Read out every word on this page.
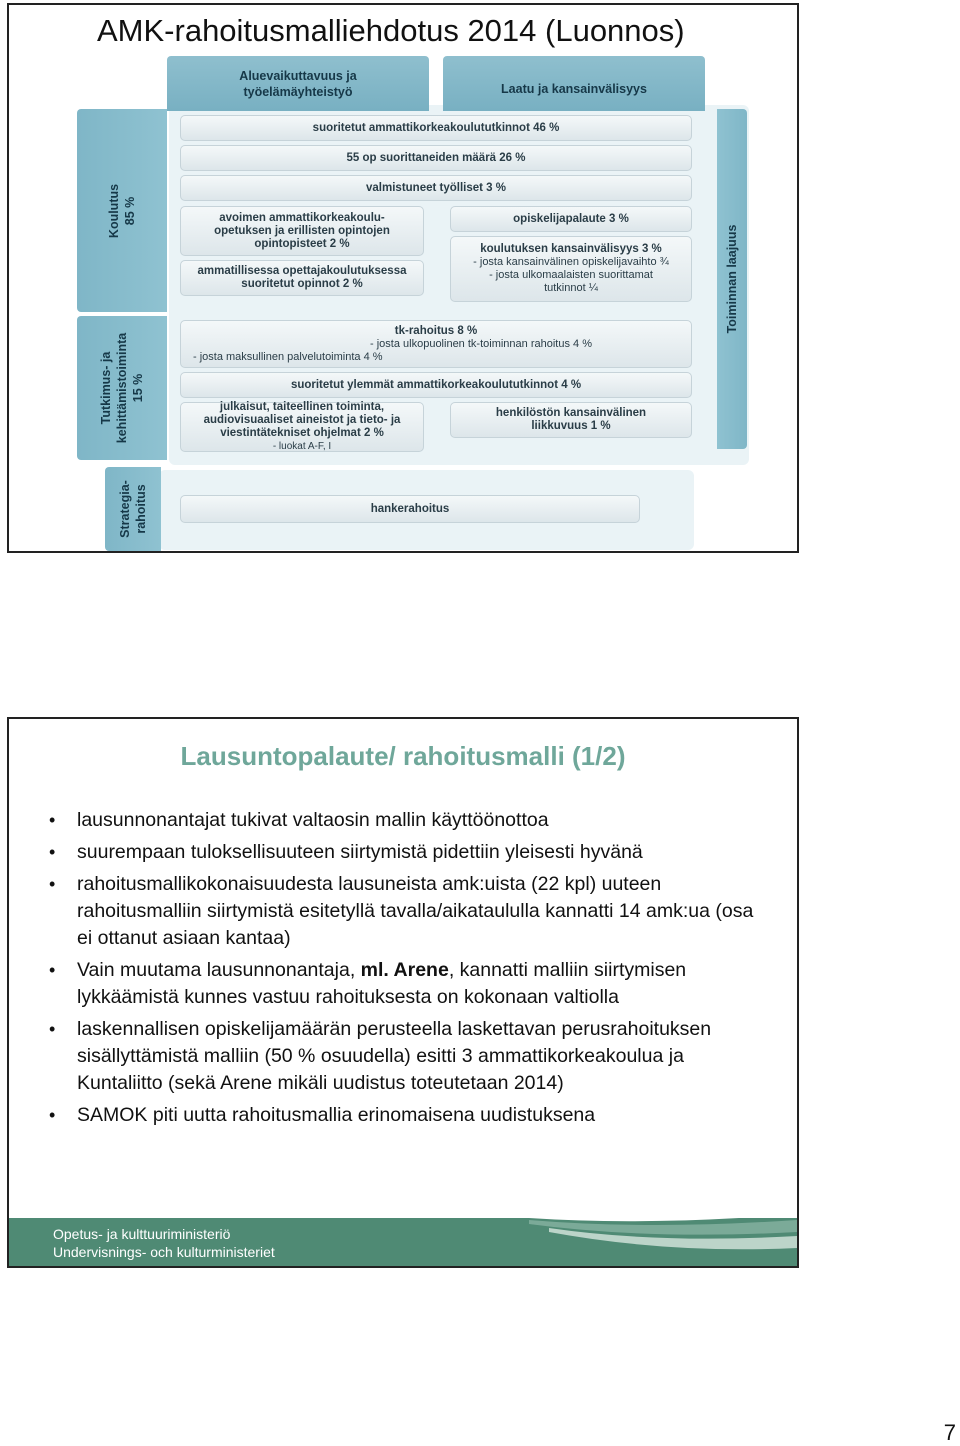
AMK-rahoitusmalliehdotus 2014 (Luonnos)
Aluevaikuttavuus ja
työelämäyhteistyö	Laatu ja kansainvälisyys
Koulutus 85 %
Tutkimus- ja kehittämistoiminta 15 %
Strategia- rahoitus
Toiminnan laajuus
suoritetut ammattikorkeakoulututkinnot 46 %
55 op suorittaneiden määrä 26 %
valmistuneet työlliset 3 %
avoimen ammattikorkeakoulu-
opetuksen ja erillisten opintojen
opintopisteet 2 %
opiskelijapalaute 3 %
ammatillisessa opettajakoulutuksessa
suoritetut opinnot 2 %
koulutuksen kansainvälisyys 3 %
- josta kansainvälinen opiskelijavaihto ¾
- josta ulkomaalaisten suorittamat
tutkinnot ¼
tk-rahoitus 8 %
- josta ulkopuolinen tk-toiminnan rahoitus 4 %
- josta maksullinen palvelutoiminta 4 %
suoritetut ylemmät ammattikorkeakoulututkinnot 4 %
julkaisut, taiteellinen toiminta,
audiovisuaaliset aineistot ja tieto- ja
viestintätekniset ohjelmat 2 %
- luokat A-F, I
henkilöstön kansainvälinen
liikkuvuus 1 %
hankerahoitus
Lausuntopalaute/ rahoitusmalli (1/2)
• lausunnonantajat tukivat valtaosin mallin käyttöönottoa
• suurempaan tuloksellisuuteen siirtymistä pidettiin yleisesti hyvänä
• rahoitusmallikokonaisuudesta lausuneista amk:uista (22 kpl) uuteen rahoitusmalliin siirtymistä esitetyllä tavalla/aikataululla kannatti 14 amk:ua (osa ei ottanut asiaan kantaa)
• Vain muutama lausunnonantaja, ml. Arene, kannatti malliin siirtymisen lykkäämistä kunnes vastuu rahoituksesta on kokonaan valtiolla
• laskennallisen opiskelijamäärän perusteella laskettavan perusrahoituksen sisällyttämistä malliin (50 % osuudella) esitti 3 ammattikorkeakoulua ja Kuntaliitto (sekä Arene mikäli uudistus toteutetaan 2014)
• SAMOK piti uutta rahoitusmallia erinomaisena uudistuksena
Opetus- ja kulttuuriministeriö
Undervisnings- och kulturministeriet
7
